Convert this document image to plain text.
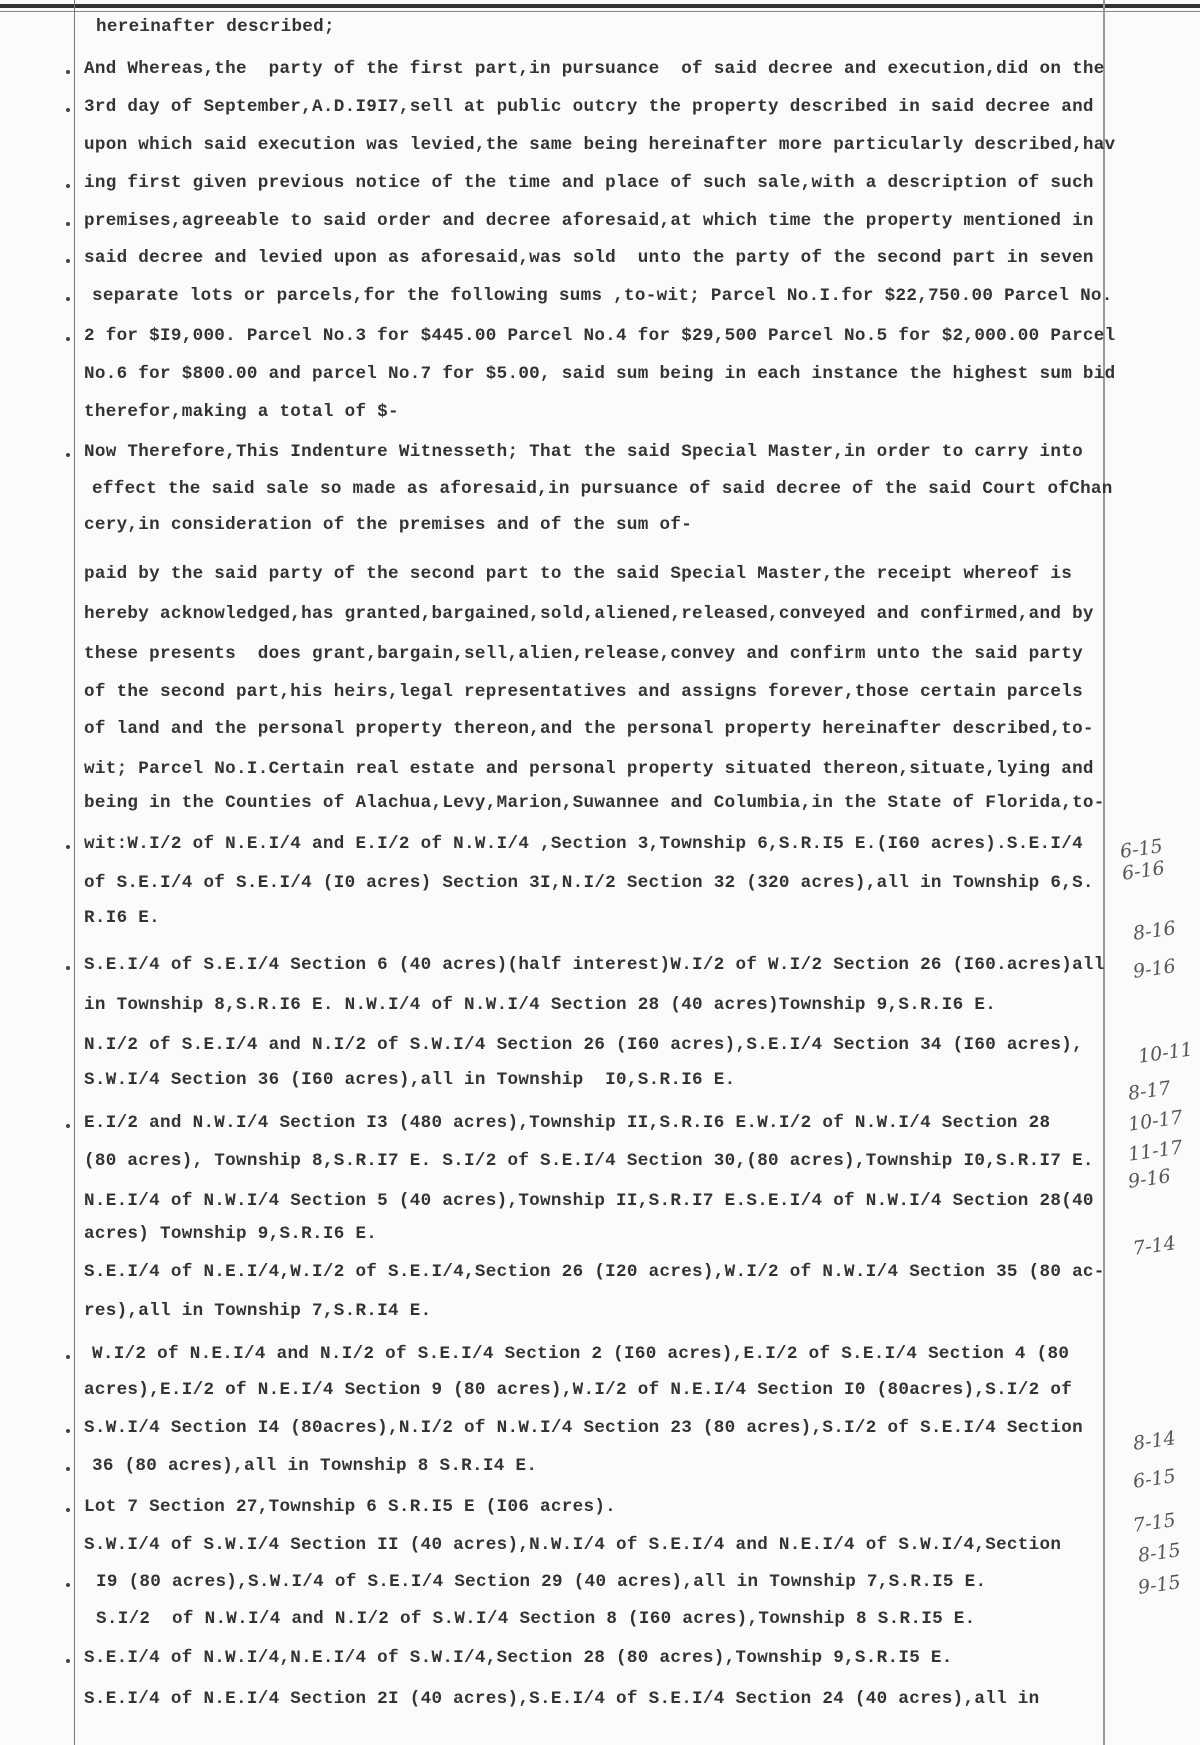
hereinafter described;
And Whereas,the  party of the first part,in pursuance  of said decree and execution,did on the
3rd day of September,A.D.I9I7,sell at public outcry the property described in said decree and
upon which said execution was levied,the same being hereinafter more particularly described,hav
ing first given previous notice of the time and place of such sale,with a description of such
premises,agreeable to said order and decree aforesaid,at which time the property mentioned in
said decree and levied upon as aforesaid,was sold  unto the party of the second part in seven
separate lots or parcels,for the following sums ,to-wit; Parcel No.I.for $22,750.00 Parcel No.
2 for $I9,000. Parcel No.3 for $445.00 Parcel No.4 for $29,500 Parcel No.5 for $2,000.00 Parcel
No.6 for $800.00 and parcel No.7 for $5.00, said sum being in each instance the highest sum bid
therefor,making a total of $-
Now Therefore,This Indenture Witnesseth; That the said Special Master,in order to carry into
effect the said sale so made as aforesaid,in pursuance of said decree of the said Court ofChan
cery,in consideration of the premises and of the sum of-
paid by the said party of the second part to the said Special Master,the receipt whereof is
hereby acknowledged,has granted,bargained,sold,aliened,released,conveyed and confirmed,and by
these presents  does grant,bargain,sell,alien,release,convey and confirm unto the said party
of the second part,his heirs,legal representatives and assigns forever,those certain parcels
of land and the personal property thereon,and the personal property hereinafter described,to-
wit; Parcel No.I.Certain real estate and personal property situated thereon,situate,lying and
being in the Counties of Alachua,Levy,Marion,Suwannee and Columbia,in the State of Florida,to-
wit:W.I/2 of N.E.I/4 and E.I/2 of N.W.I/4 ,Section 3,Township 6,S.R.I5 E.(I60 acres).S.E.I/4
of S.E.I/4 of S.E.I/4 (I0 acres) Section 3I,N.I/2 Section 32 (320 acres),all in Township 6,S.
R.I6 E.
S.E.I/4 of S.E.I/4 Section 6 (40 acres)(half interest)W.I/2 of W.I/2 Section 26 (I60.acres)all
in Township 8,S.R.I6 E. N.W.I/4 of N.W.I/4 Section 28 (40 acres)Township 9,S.R.I6 E.
N.I/2 of S.E.I/4 and N.I/2 of S.W.I/4 Section 26 (I60 acres),S.E.I/4 Section 34 (I60 acres),
S.W.I/4 Section 36 (I60 acres),all in Township  I0,S.R.I6 E.
E.I/2 and N.W.I/4 Section I3 (480 acres),Township II,S.R.I6 E.W.I/2 of N.W.I/4 Section 28
(80 acres), Township 8,S.R.I7 E. S.I/2 of S.E.I/4 Section 30,(80 acres),Township I0,S.R.I7 E.
N.E.I/4 of N.W.I/4 Section 5 (40 acres),Township II,S.R.I7 E.S.E.I/4 of N.W.I/4 Section 28(40
acres) Township 9,S.R.I6 E.
S.E.I/4 of N.E.I/4,W.I/2 of S.E.I/4,Section 26 (I20 acres),W.I/2 of N.W.I/4 Section 35 (80 ac-
res),all in Township 7,S.R.I4 E.
W.I/2 of N.E.I/4 and N.I/2 of S.E.I/4 Section 2 (I60 acres),E.I/2 of S.E.I/4 Section 4 (80
acres),E.I/2 of N.E.I/4 Section 9 (80 acres),W.I/2 of N.E.I/4 Section I0 (80acres),S.I/2 of
S.W.I/4 Section I4 (80acres),N.I/2 of N.W.I/4 Section 23 (80 acres),S.I/2 of S.E.I/4 Section
36 (80 acres),all in Township 8 S.R.I4 E.
Lot 7 Section 27,Township 6 S.R.I5 E (I06 acres).
S.W.I/4 of S.W.I/4 Section II (40 acres),N.W.I/4 of S.E.I/4 and N.E.I/4 of S.W.I/4,Section
I9 (80 acres),S.W.I/4 of S.E.I/4 Section 29 (40 acres),all in Township 7,S.R.I5 E.
S.I/2  of N.W.I/4 and N.I/2 of S.W.I/4 Section 8 (I60 acres),Township 8 S.R.I5 E.
S.E.I/4 of N.W.I/4,N.E.I/4 of S.W.I/4,Section 28 (80 acres),Township 9,S.R.I5 E.
S.E.I/4 of N.E.I/4 Section 2I (40 acres),S.E.I/4 of S.E.I/4 Section 24 (40 acres),all in
6-15
6-16
8-16
9-16
10-11
8-17
10-17
11-17
9-16
7-14
8-14
6-15
7-15
8-15
9-15
